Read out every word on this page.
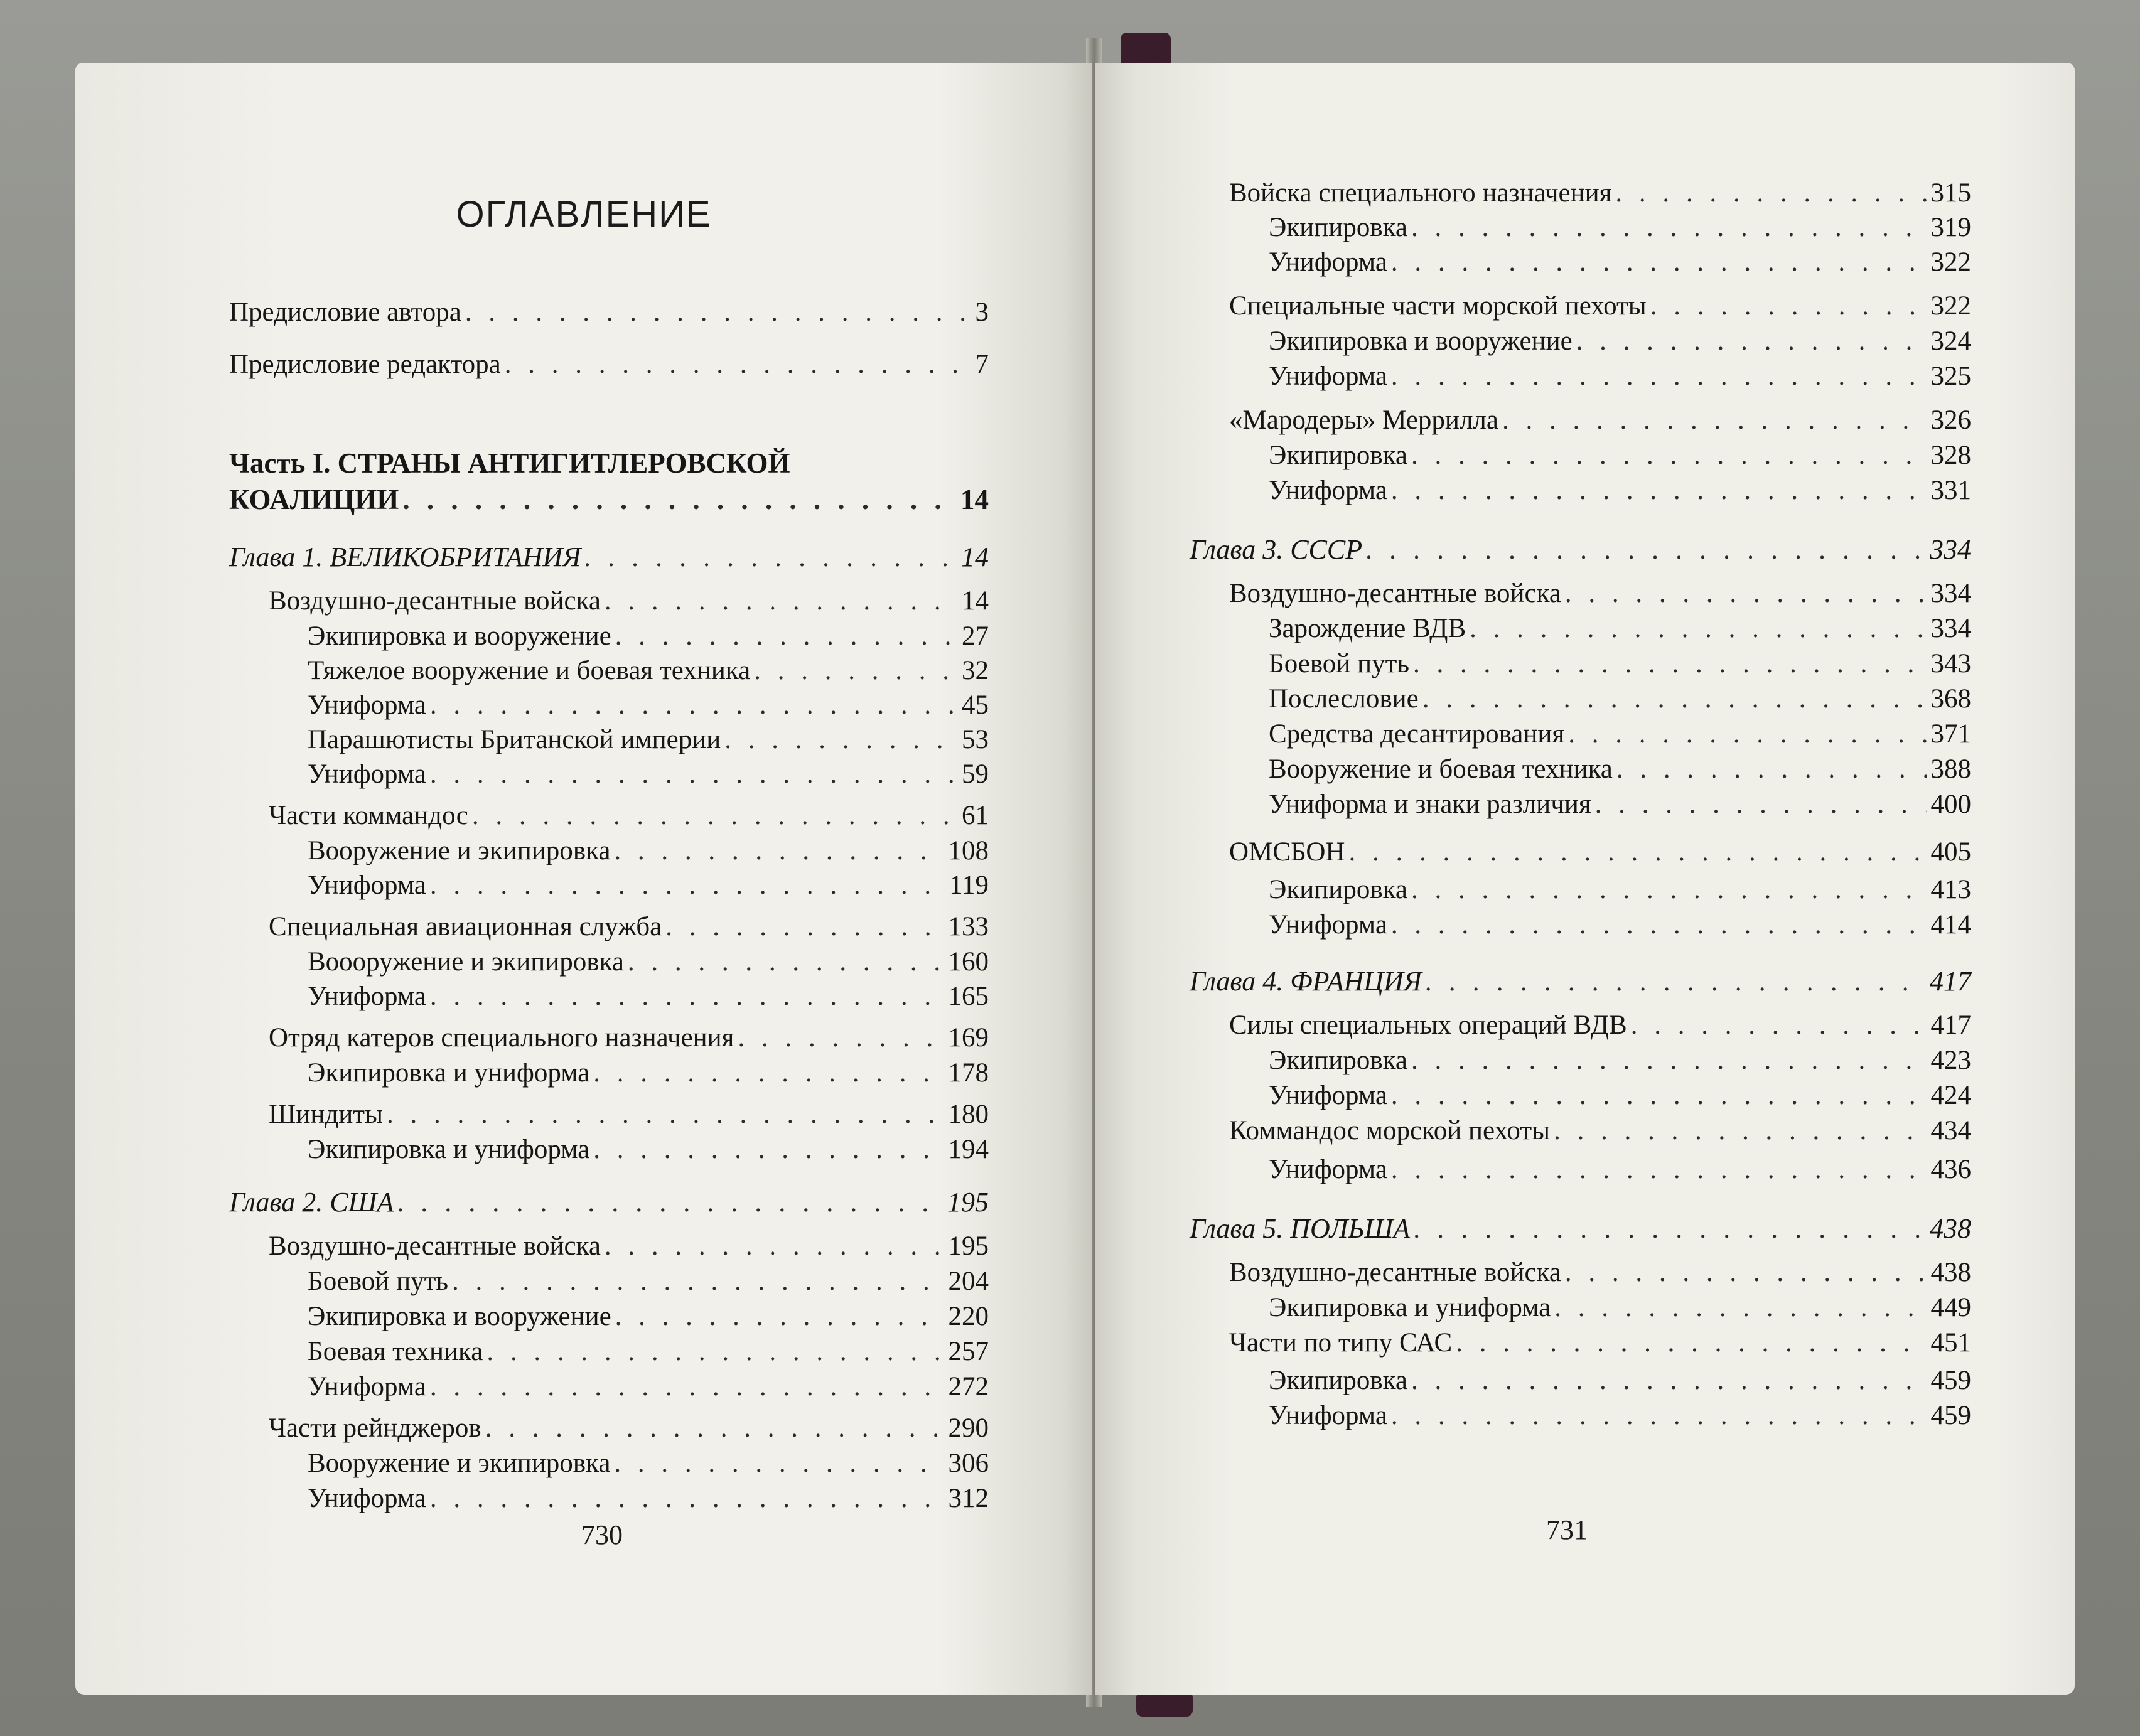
ОГЛАВЛЕНИЕ
Предисловие автора . . .	3
Предисловие редактора . . .	7
Часть I. СТРАНЫ АНТИГИТЛЕРОВСКОЙ
КОАЛИЦИИ . . .	14
Глава 1. ВЕЛИКОБРИТАНИЯ . . .	14
Воздушно-десантные войска . . .	14
Экипировка и вооружение . . .	27
Тяжелое вооружение и боевая техника . . .	32
Униформа . . .	45
Парашютисты Британской империи . . .	53
Униформа . . .	59
Части коммандос . . .	61
Вооружение и экипировка . . .	108
Униформа . . .	119
Специальная авиационная служба . . .	133
Воооружение и экипировка . . .	160
Униформа . . .	165
Отряд катеров специального назначения . . .	169
Экипировка и униформа . . .	178
Шиндиты . . .	180
Экипировка и униформа . . .	194
Глава 2. США . . .	195
Воздушно-десантные войска . . .	195
Боевой путь . . .	204
Экипировка и вооружение . . .	220
Боевая техника . . .	257
Униформа . . .	272
Части рейнджеров . . .	290
Вооружение и экипировка . . .	306
Униформа . . .	312
730
Войска специального назначения . . .	315
Экипировка . . .	319
Униформа . . .	322
Специальные части морской пехоты . . .	322
Экипировка и вооружение . . .	324
Униформа . . .	325
«Мародеры» Меррилла . . .	326
Экипировка . . .	328
Униформа . . .	331
Глава 3. СССР . . .	334
Воздушно-десантные войска . . .	334
Зарождение ВДВ . . .	334
Боевой путь . . .	343
Послесловие . . .	368
Средства десантирования . . .	371
Вооружение и боевая техника . . .	388
Униформа и знаки различия . . .	400
ОМСБОН . . .	405
Экипировка . . .	413
Униформа . . .	414
Глава 4. ФРАНЦИЯ . . .	417
Силы специальных операций ВДВ . . .	417
Экипировка . . .	423
Униформа . . .	424
Коммандос морской пехоты . . .	434
Униформа . . .	436
Глава 5. ПОЛЬША . . .	438
Воздушно-десантные войска . . .	438
Экипировка и униформа . . .	449
Части по типу САС . . .	451
Экипировка . . .	459
Униформа . . .	459
731
